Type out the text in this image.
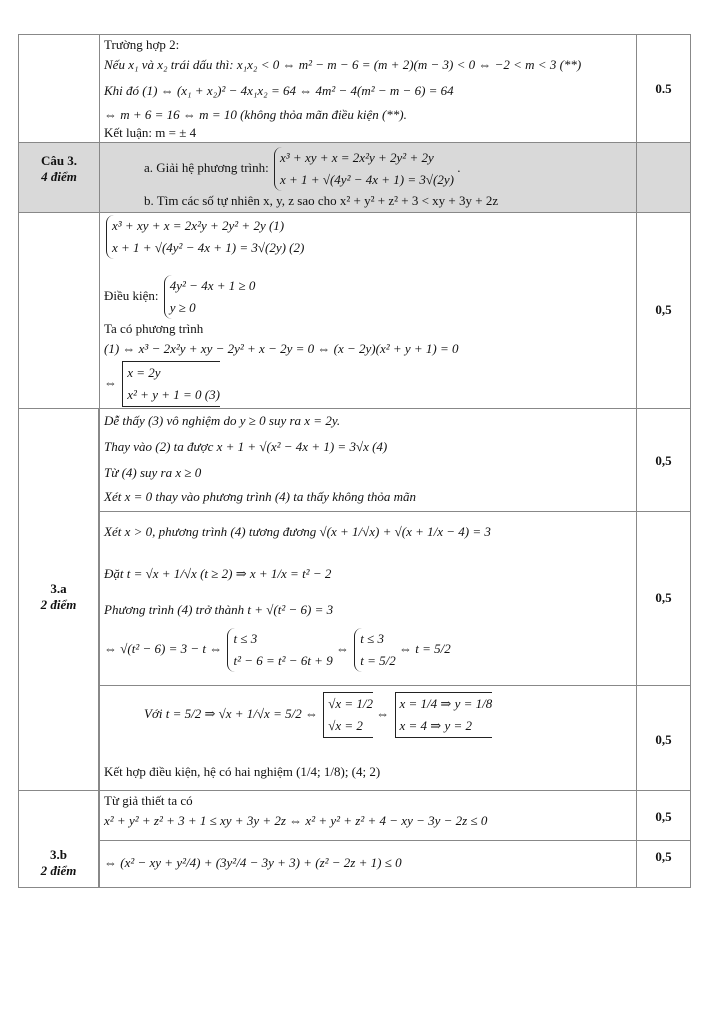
Trường hợp 2:
Nếu x₁ và x₂ trái dấu thì: x₁x₂ < 0 ⇔ m² − m − 6 = (m + 2)(m − 3) < 0 ⇔ −2 < m < 3 (**)
Khi đó (1) ⇔ (x₁ + x₂)² − 4x₁x₂ = 64 ⇔ 4m² − 4(m² − m − 6) = 64
⇔ m + 6 = 16 ⇔ m = 10 (không thỏa mãn điều kiện (**).
Kết luận: m = ± 4
0.5
Câu 3.
4 điểm
a. Giải hệ phương trình:
x³ + xy + x = 2x²y + 2y² + 2y
x + 1 + √(4y² − 4x + 1) = 3√(2y)
.
b. Tìm các số tự nhiên x, y, z sao cho x² + y² + z² + 3 < xy + 3y + 2z
x³ + xy + x = 2x²y + 2y² + 2y (1)
x + 1 + √(4y² − 4x + 1) = 3√(2y) (2)
Điều kiện:
4y² − 4x + 1 ≥ 0
y ≥ 0
Ta có phương trình
(1) ⇔ x³ − 2x²y + xy − 2y² + x − 2y = 0 ⇔ (x − 2y)(x² + y + 1) = 0
⇔
x = 2y
x² + y + 1 = 0 (3)
0,5
3.a
2 điểm
Dễ thấy (3) vô nghiệm do y ≥ 0 suy ra x = 2y.
Thay vào (2) ta được x + 1 + √(x² − 4x + 1) = 3√x (4)
Từ (4) suy ra x ≥ 0
Xét x = 0 thay vào phương trình (4) ta thấy không thỏa mãn
0,5
Xét x > 0, phương trình (4) tương đương √(x + 1/√x) + √(x + 1/x − 4) = 3
Đặt t = √x + 1/√x (t ≥ 2) ⇒ x + 1/x = t² − 2
Phương trình (4) trở thành t + √(t² − 6) = 3
⇔ √(t² − 6) = 3 − t ⇔
t ≤ 3
t² − 6 = t² − 6t + 9
⇔
t ≤ 3
t = 5/2
⇔ t = 5/2
0,5
Với t = 5/2 ⇒ √x + 1/√x = 5/2 ⇔
√x = 1/2
√x = 2
⇔
x = 1/4 ⇒ y = 1/8
x = 4 ⇒ y = 2
Kết hợp điều kiện, hệ có hai nghiệm (1/4; 1/8); (4; 2)
0,5
3.b
2 điểm
Từ giả thiết ta có
x² + y² + z² + 3 + 1 ≤ xy + 3y + 2z ⇔ x² + y² + z² + 4 − xy − 3y − 2z ≤ 0	0,5
⇔ (x² − xy + y²/4) + (3y²/4 − 3y + 3) + (z² − 2z + 1) ≤ 0	0,5
